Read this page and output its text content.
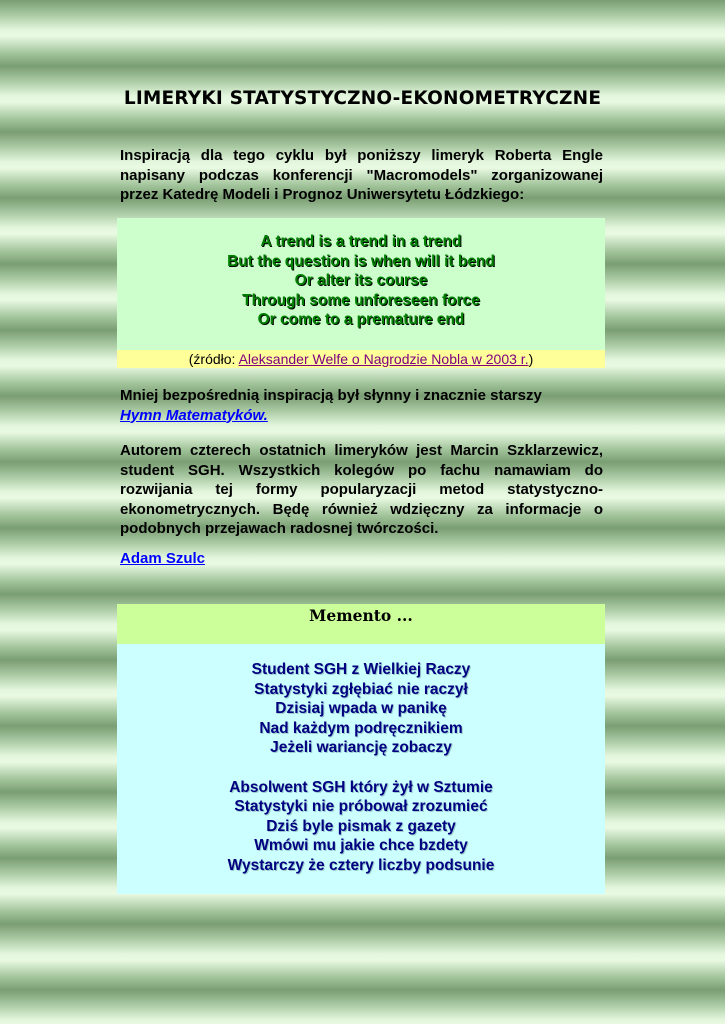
LIMERYKI STATYSTYCZNO-EKONOMETRYCZNE

Inspiracją dla tego cyklu był poniższy limeryk Roberta Engle napisany podczas konferencji "Macromodels" zorganizowanej przez Katedrę Modeli i Prognoz Uniwersytetu Łódzkiego:

A trend is a trend in a trend

But the question is when will it bend

Or alter its course

Through some unforeseen force

Or come to a premature end

(źródło: Aleksander Welfe o Nagrodzie Nobla w 2003 r.)

Mniej bezpośrednią inspiracją był słynny i znacznie starszy
Hymn Matematyków.

Autorem czterech ostatnich limeryków jest Marcin Szklarzewicz, student SGH. Wszystkich kolegów po fachu namawiam do rozwijania tej formy popularyzacji metod statystyczno-ekonometrycznych. Będę również wdzięczny za informacje o podobnych przejawach radosnej twórczości.

Adam Szulc

Memento ...

Student SGH z Wielkiej Raczy

Statystyki zgłębiać nie raczył

Dzisiaj wpada w panikę

Nad każdym podręcznikiem

Jeżeli wariancję zobaczy

Absolwent SGH który żył w Sztumie

Statystyki nie próbował zrozumieć

Dziś byle pismak z gazety

Wmówi mu jakie chce bzdety

Wystarczy że cztery liczby podsunie
